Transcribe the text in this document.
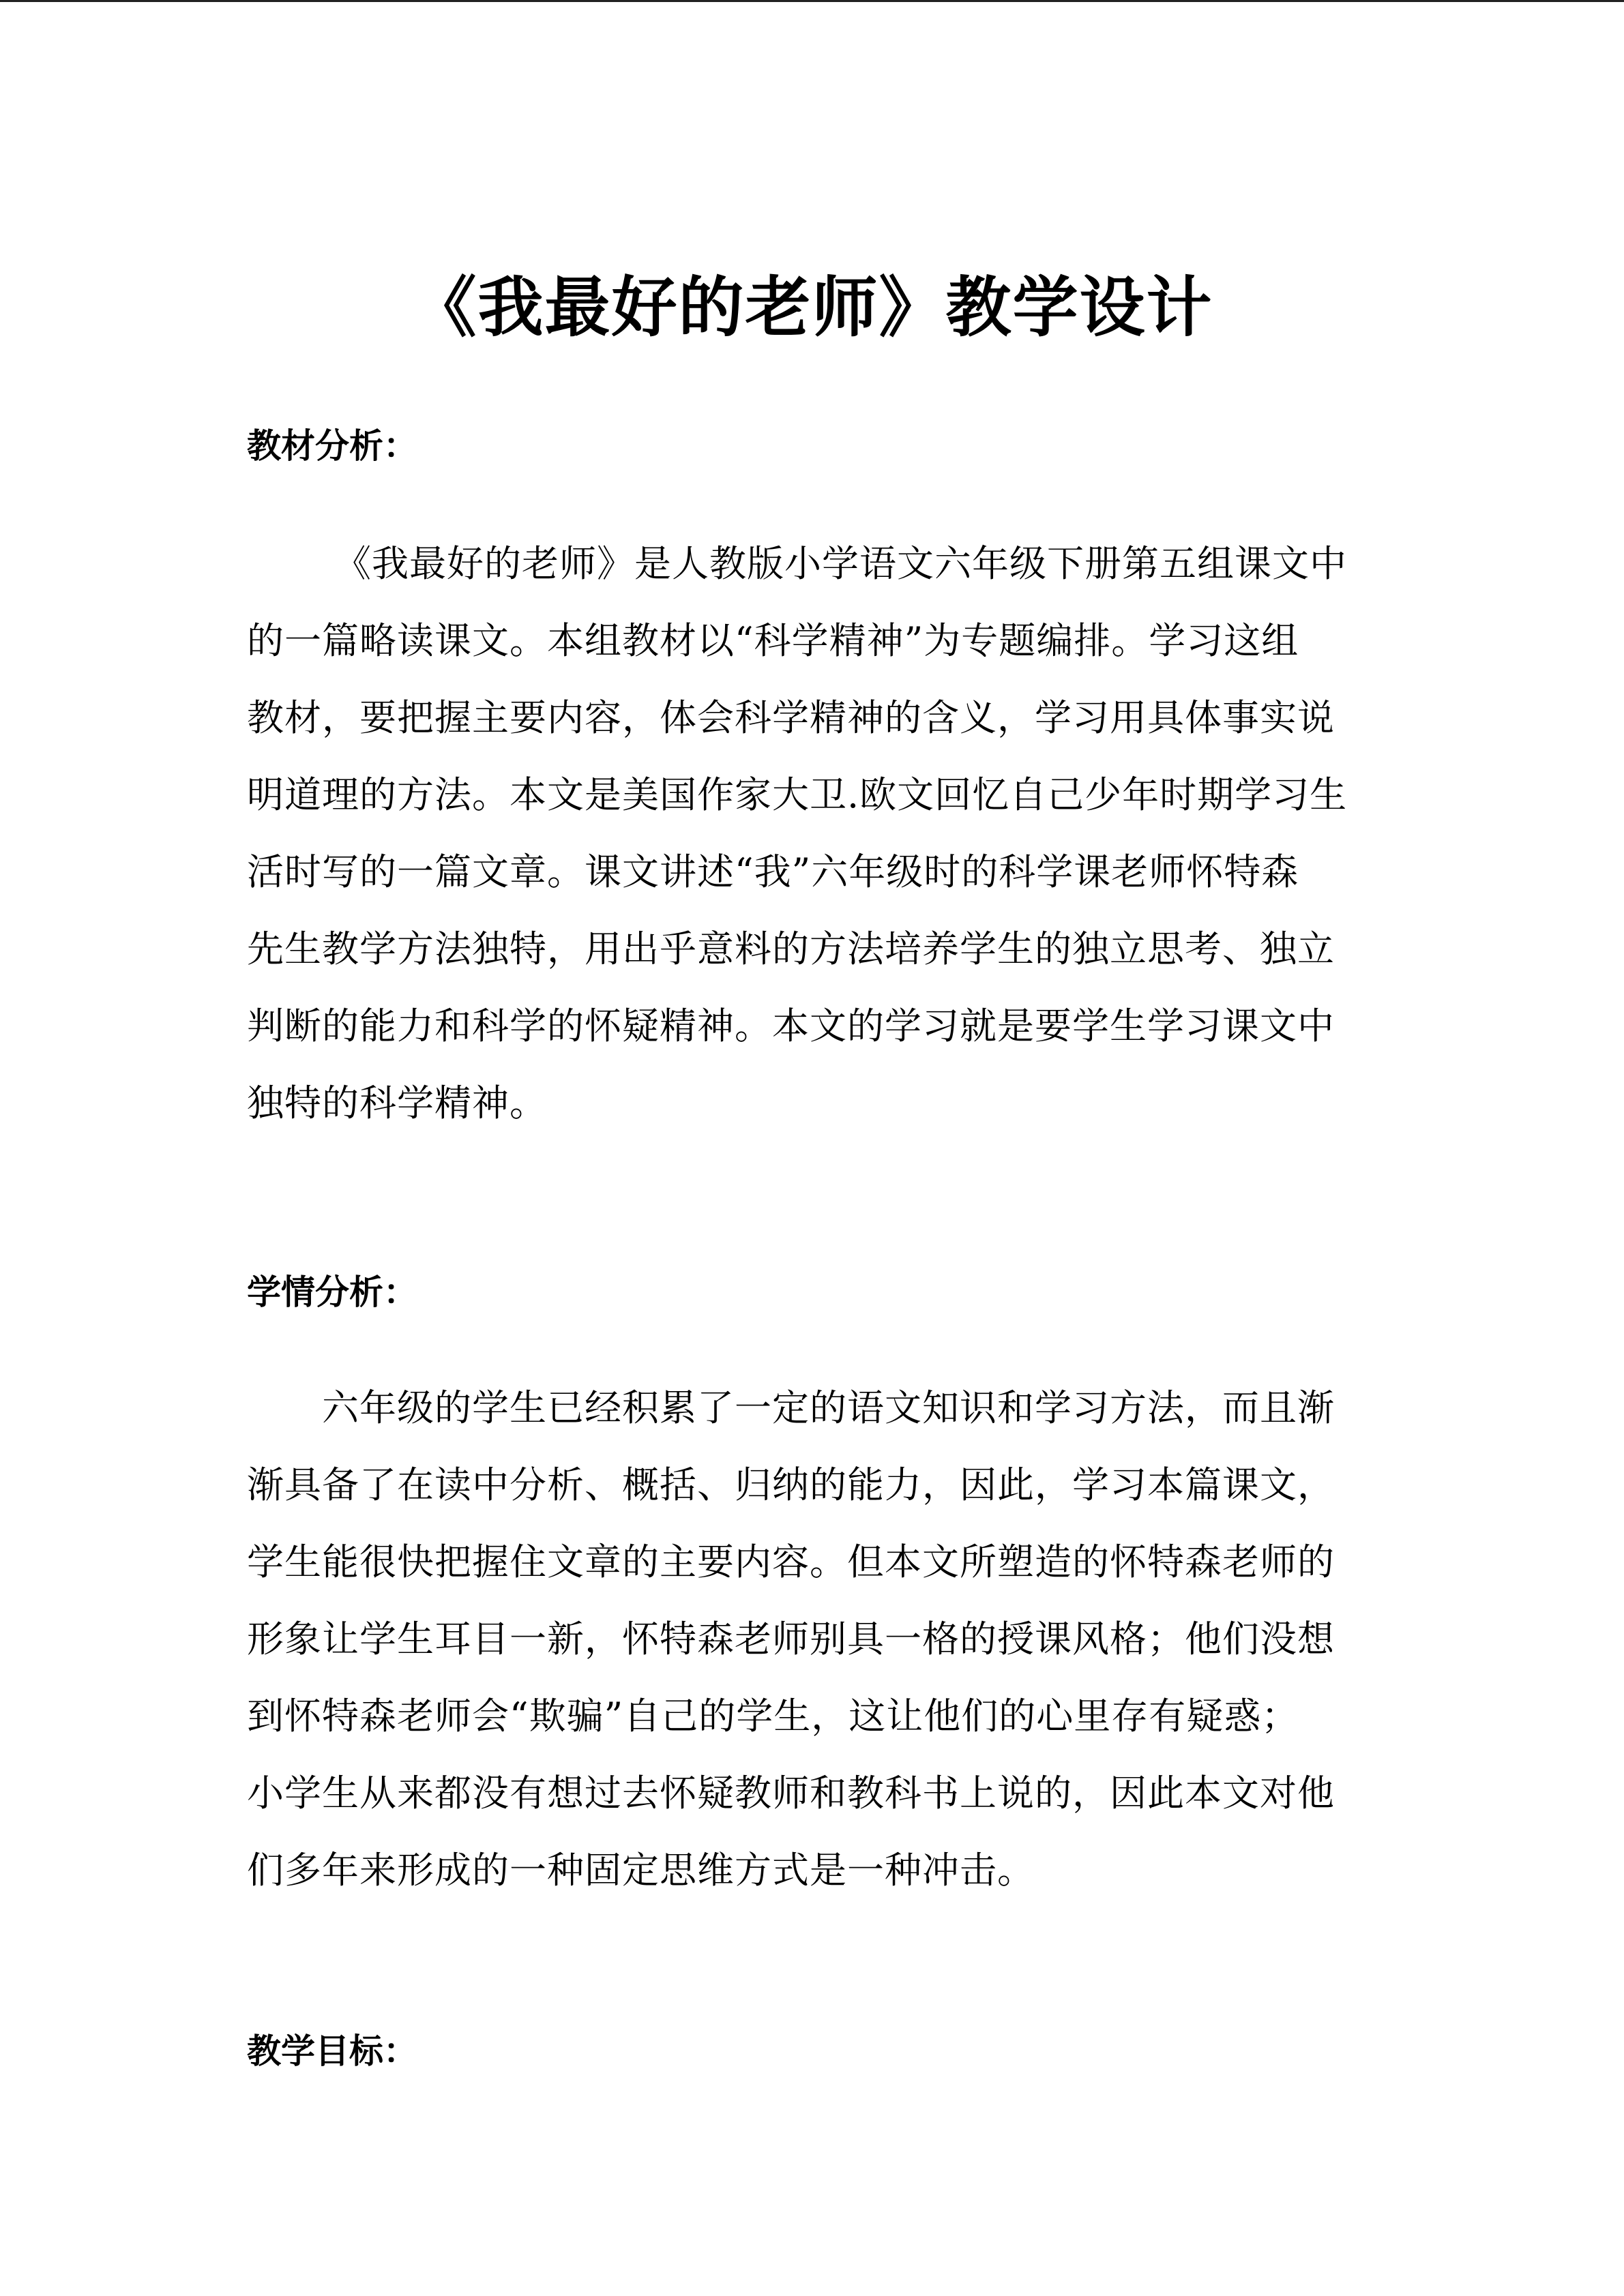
《我最好的老师》教学设计
教材分析：
《我最好的老师》是人教版小学语文六年级下册第五组课文中
的一篇略读课文。本组教材以“科学精神”为专题编排。学习这组
教材，要把握主要内容，体会科学精神的含义，学习用具体事实说
明道理的方法。本文是美国作家大卫.欧文回忆自己少年时期学习生
活时写的一篇文章。课文讲述“我”六年级时的科学课老师怀特森
先生教学方法独特，用出乎意料的方法培养学生的独立思考、独立
判断的能力和科学的怀疑精神。本文的学习就是要学生学习课文中
独特的科学精神。
学情分析：
六年级的学生已经积累了一定的语文知识和学习方法，而且渐
渐具备了在读中分析、概括、归纳的能力，因此，学习本篇课文，
学生能很快把握住文章的主要内容。但本文所塑造的怀特森老师的
形象让学生耳目一新，怀特森老师别具一格的授课风格；他们没想
到怀特森老师会“欺骗”自己的学生，这让他们的心里存有疑惑；
小学生从来都没有想过去怀疑教师和教科书上说的，因此本文对他
们多年来形成的一种固定思维方式是一种冲击。
教学目标：
